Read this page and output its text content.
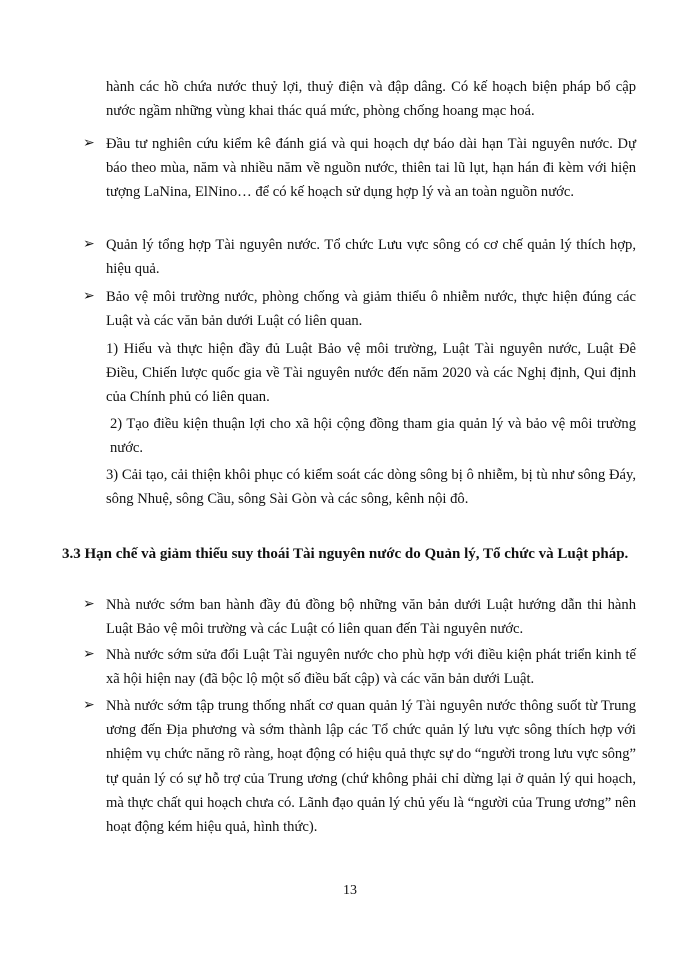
hành các hồ chứa nước thuỷ lợi, thuỷ điện và đập dâng. Có kế hoạch biện pháp bổ cập nước ngầm những vùng khai thác quá mức, phòng chống hoang mạc hoá.
➢ Đầu tư nghiên cứu kiểm kê đánh giá và qui hoạch dự báo dài hạn Tài nguyên nước. Dự báo theo mùa, năm và nhiều năm về nguồn nước, thiên tai lũ lụt, hạn hán đi kèm với hiện tượng LaNina, ElNino… để có kế hoạch sử dụng hợp lý và an toàn nguồn nước.
➢ Quản lý tổng hợp Tài nguyên nước. Tổ chức Lưu vực sông có cơ chế quản lý thích hợp, hiệu quả.
➢ Bảo vệ môi trường nước, phòng chống và giảm thiểu ô nhiễm nước, thực hiện đúng các Luật và các văn bản dưới Luật có liên quan.
1) Hiểu và thực hiện đầy đủ Luật Bảo vệ môi trường, Luật Tài nguyên nước, Luật Đê Điều, Chiến lược quốc gia về Tài nguyên nước đến năm 2020 và các Nghị định, Qui định của Chính phủ có liên quan.
2) Tạo điều kiện thuận lợi cho xã hội cộng đồng tham gia quản lý và bảo vệ môi trường nước.
3) Cải tạo, cải thiện khôi phục có kiểm soát các dòng sông bị ô nhiễm, bị tù như sông Đáy, sông Nhuệ, sông Cầu, sông Sài Gòn và các sông, kênh nội đô.
3.3 Hạn chế và giảm thiểu suy thoái Tài nguyên nước do Quản lý, Tổ chức và Luật pháp.
➢ Nhà nước sớm ban hành đầy đủ đồng bộ những văn bản dưới Luật hướng dẫn thi hành Luật Bảo vệ môi trường và các Luật có liên quan đến Tài nguyên nước.
➢ Nhà nước sớm sửa đổi Luật Tài nguyên nước cho phù hợp với điều kiện phát triển kinh tế xã hội hiện nay (đã bộc lộ một số điều bất cập) và các văn bản dưới Luật.
➢ Nhà nước sớm tập trung thống nhất cơ quan quản lý Tài nguyên nước thông suốt từ Trung ương đến Địa phương và sớm thành lập các Tổ chức quản lý lưu vực sông thích hợp với nhiệm vụ chức năng rõ ràng, hoạt động có hiệu quả thực sự do “người trong lưu vực sông” tự quản lý có sự hỗ trợ của Trung ương (chứ không phải chỉ dừng lại ở quản lý qui hoạch, mà thực chất qui hoạch chưa có. Lãnh đạo quản lý chủ yếu là “người của Trung ương” nên hoạt động kém hiệu quả, hình thức).
13
